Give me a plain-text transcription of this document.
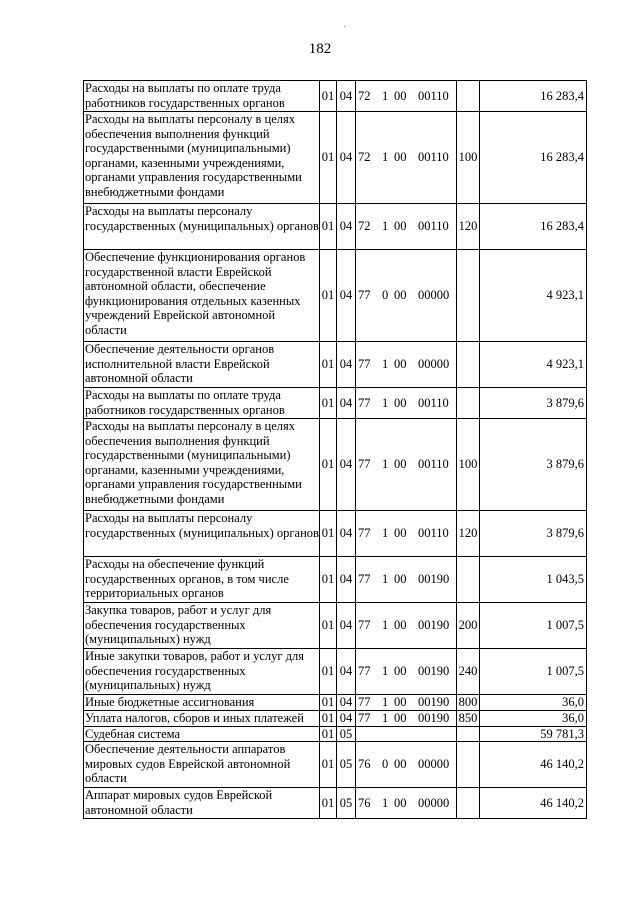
182
Расходы на выплаты по оплате труда работников государственных органов	01	04	72 1 00 00110		16 283,4
Расходы на выплаты персоналу в целях обеспечения выполнения функций государственными (муниципальными) органами, казенными учреждениями, органами управления государственными внебюджетными фондами	01	04	72 1 00 00110	100	16 283,4
Расходы на выплаты персоналу государственных (муниципальных) органов	01	04	72 1 00 00110	120	16 283,4
Обеспечение функционирования органов государственной власти Еврейской автономной области, обеспечение функционирования отдельных казенных учреждений Еврейской автономной области	01	04	77 0 00 00000		4 923,1
Обеспечение деятельности органов исполнительной власти Еврейской автономной области	01	04	77 1 00 00000		4 923,1
Расходы на выплаты по оплате труда работников государственных органов	01	04	77 1 00 00110		3 879,6
Расходы на выплаты персоналу в целях обеспечения выполнения функций государственными (муниципальными) органами, казенными учреждениями, органами управления государственными внебюджетными фондами	01	04	77 1 00 00110	100	3 879,6
Расходы на выплаты персоналу государственных (муниципальных) органов	01	04	77 1 00 00110	120	3 879,6
Расходы на обеспечение функций государственных органов, в том числе территориальных органов	01	04	77 1 00 00190		1 043,5
Закупка товаров, работ и услуг для обеспечения государственных (муниципальных) нужд	01	04	77 1 00 00190	200	1 007,5
Иные закупки товаров, работ и услуг для обеспечения государственных (муниципальных) нужд	01	04	77 1 00 00190	240	1 007,5
Иные бюджетные ассигнования	01	04	77 1 00 00190	800	36,0
Уплата налогов, сборов и иных платежей	01	04	77 1 00 00190	850	36,0
Судебная система	01	05			59 781,3
Обеспечение деятельности аппаратов мировых судов Еврейской автономной области	01	05	76 0 00 00000		46 140,2
Аппарат мировых судов Еврейской автономной области	01	05	76 1 00 00000		46 140,2
